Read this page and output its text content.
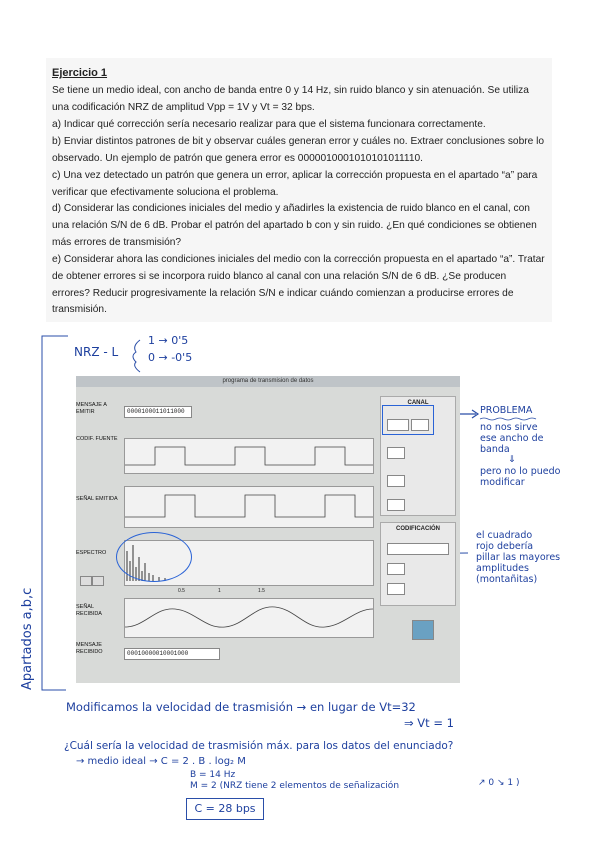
Ejercicio 1
Se tiene un medio ideal, con ancho de banda entre 0 y 14 Hz, sin ruido blanco y sin atenuación. Se utiliza una codificación NRZ de amplitud Vpp = 1V y Vt = 32 bps.
a) Indicar qué corrección sería necesario realizar para que el sistema funcionara correctamente.
b) Enviar distintos patrones de bit y observar cuáles generan error y cuáles no. Extraer conclusiones sobre lo observado. Un ejemplo de patrón que genera error es 0000010001010101011110.
c) Una vez detectado un patrón que genera un error, aplicar la corrección propuesta en el apartado “a” para verificar que efectivamente soluciona el problema.
d) Considerar las condiciones iniciales del medio y añadirles la existencia de ruido blanco en el canal, con una relación S/N de 6 dB. Probar el patrón del apartado b con y sin ruido. ¿En qué condiciones se obtienen más errores de transmisión?
e) Considerar ahora las condiciones iniciales del medio con la corrección propuesta en el apartado “a”. Tratar de obtener errores si se incorpora ruido blanco al canal con una relación S/N de 6 dB. ¿Se producen errores? Reducir progresivamente la relación S/N e indicar cuándo comienzan a producirse errores de transmisión.
Apartados a,b,c
NRZ - L
1 → 0'5
0 → -0'5
programa de transmision de datos
MENSAJE A EMITIR	0000100011011000
CODIF. FUENTE
SEÑAL EMITIDA
ESPECTRO
0.5	1	1.5
SEÑAL RECIBIDA
MENSAJE RECIBIDO	00010000010001000
CANAL
CODIFICACIÓN
PROBLEMA
no nos sirve
ese ancho de
banda
⇓
pero no lo puedo
modificar
el cuadrado
rojo debería
pillar las mayores
amplitudes
(montañitas)
Modificamos la velocidad de trasmisión → en lugar de Vt=32
⇒ Vt = 1
¿Cuál sería la velocidad de trasmisión máx. para los datos del enunciado?
→ medio ideal → C = 2 . B . log₂ M
B = 14 Hz
M = 2 (NRZ tiene 2 elementos de señalización	↗ 0 ↘ 1 )
C = 28 bps
